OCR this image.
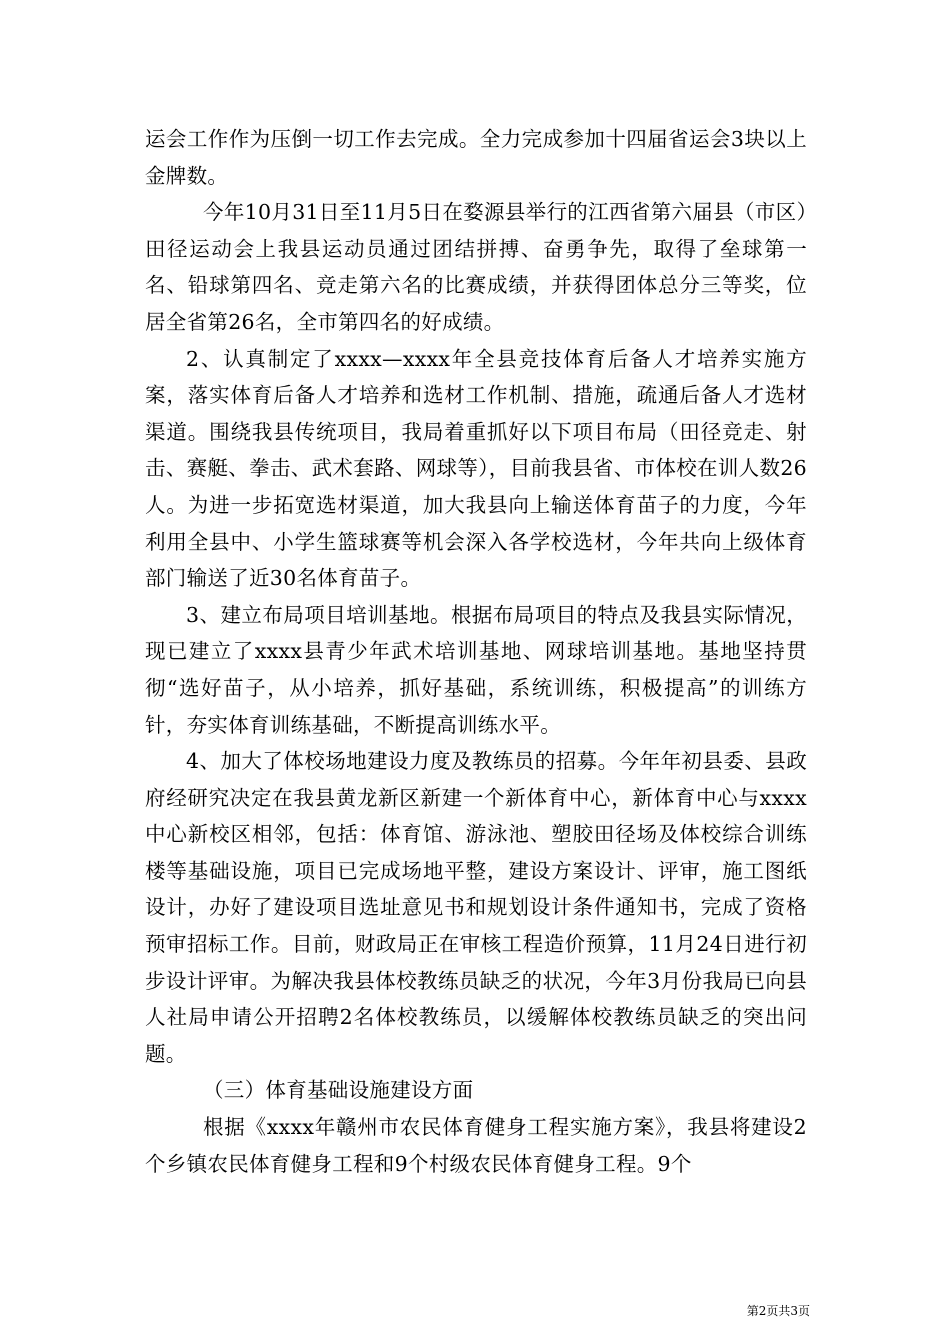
运会工作作为压倒一切工作去完成。全力完成参加十四届省运会3块以上金牌数。

今年10月31日至11月5日在婺源县举行的江西省第六届县（市区）田径运动会上我县运动员通过团结拼搏、奋勇争先，取得了垒球第一名、铅球第四名、竞走第六名的比赛成绩，并获得团体总分三等奖，位居全省第26名，全市第四名的好成绩。

2、认真制定了xxxx—xxxx年全县竞技体育后备人才培养实施方案，落实体育后备人才培养和选材工作机制、措施，疏通后备人才选材渠道。围绕我县传统项目，我局着重抓好以下项目布局（田径竞走、射击、赛艇、拳击、武术套路、网球等），目前我县省、市体校在训人数26人。为进一步拓宽选材渠道，加大我县向上输送体育苗子的力度，今年利用全县中、小学生篮球赛等机会深入各学校选材，今年共向上级体育部门输送了近30名体育苗子。

3、建立布局项目培训基地。根据布局项目的特点及我县实际情况，现已建立了xxxx县青少年武术培训基地、网球培训基地。基地坚持贯彻“选好苗子，从小培养，抓好基础，系统训练，积极提高”的训练方针，夯实体育训练基础，不断提高训练水平。

4、加大了体校场地建设力度及教练员的招募。今年年初县委、县政府经研究决定在我县黄龙新区新建一个新体育中心，新体育中心与xxxx中心新校区相邻，包括：体育馆、游泳池、塑胶田径场及体校综合训练楼等基础设施，项目已完成场地平整，建设方案设计、评审，施工图纸设计，办好了建设项目选址意见书和规划设计条件通知书，完成了资格预审招标工作。目前，财政局正在审核工程造价预算，11月24日进行初步设计评审。为解决我县体校教练员缺乏的状况，今年3月份我局已向县人社局申请公开招聘2名体校教练员，以缓解体校教练员缺乏的突出问题。

（三）体育基础设施建设方面

根据《xxxx年赣州市农民体育健身工程实施方案》，我县将建设2个乡镇农民体育健身工程和9个村级农民体育健身工程。9个

第2页共3页
